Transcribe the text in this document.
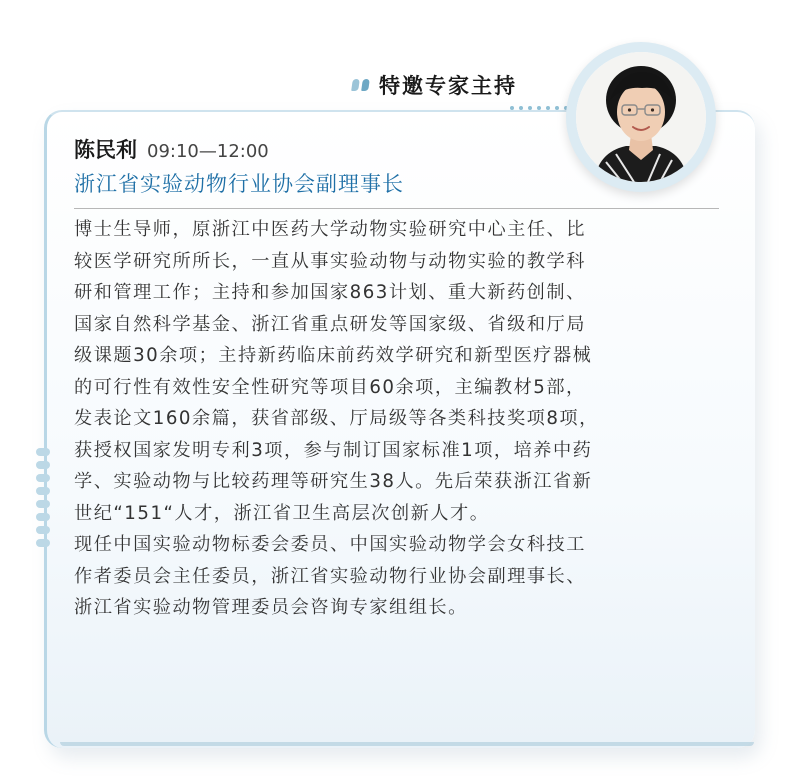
特邀专家主持
陈民利 09:10—12:00
浙江省实验动物行业协会副理事长
博士生导师，原浙江中医药大学动物实验研究中心主任、比
较医学研究所所长，一直从事实验动物与动物实验的教学科
研和管理工作；主持和参加国家863计划、重大新药创制、
国家自然科学基金、浙江省重点研发等国家级、省级和厅局
级课题30余项；主持新药临床前药效学研究和新型医疗器械
的可行性有效性安全性研究等项目60余项，主编教材5部，
发表论文160余篇，获省部级、厅局级等各类科技奖项8项，
获授权国家发明专利3项，参与制订国家标准1项，培养中药
学、实验动物与比较药理等研究生38人。先后荣获浙江省新
世纪“151“人才，浙江省卫生高层次创新人才。
现任中国实验动物标委会委员、中国实验动物学会女科技工
作者委员会主任委员，浙江省实验动物行业协会副理事长、
浙江省实验动物管理委员会咨询专家组组长。
